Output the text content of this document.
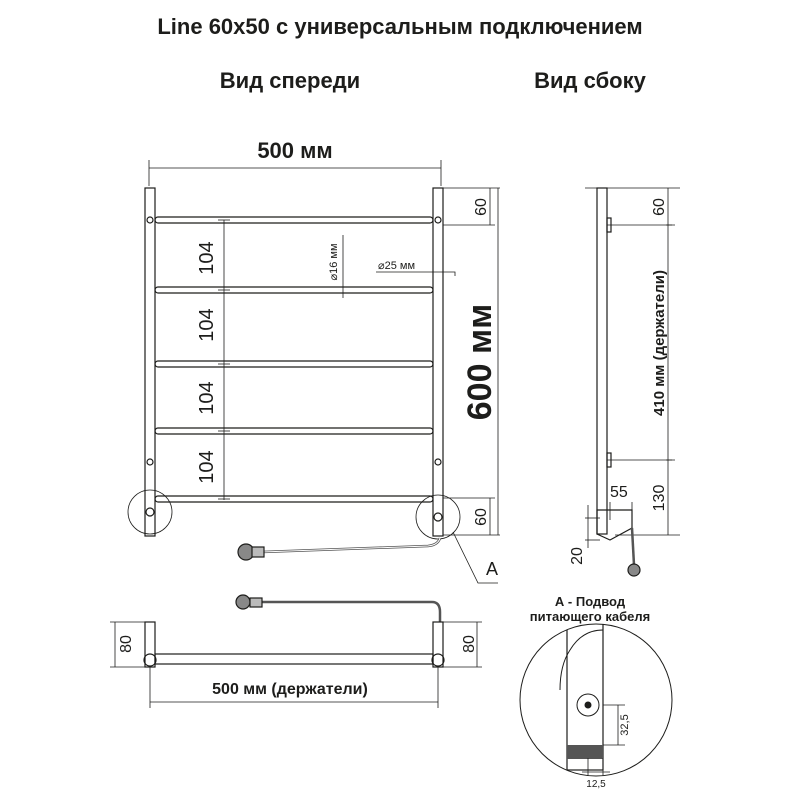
Line 60x50 с универсальным подключением
Вид спереди	Вид сбоку
500 мм
104
104
104
104
⌀16 мм	⌀25 мм
60
60
600 мм
A
60
410 мм (держатели)
130
55
20
80	80
500 мм (держатели)
А - Подвод
питающего кабеля
32,5
12,5
